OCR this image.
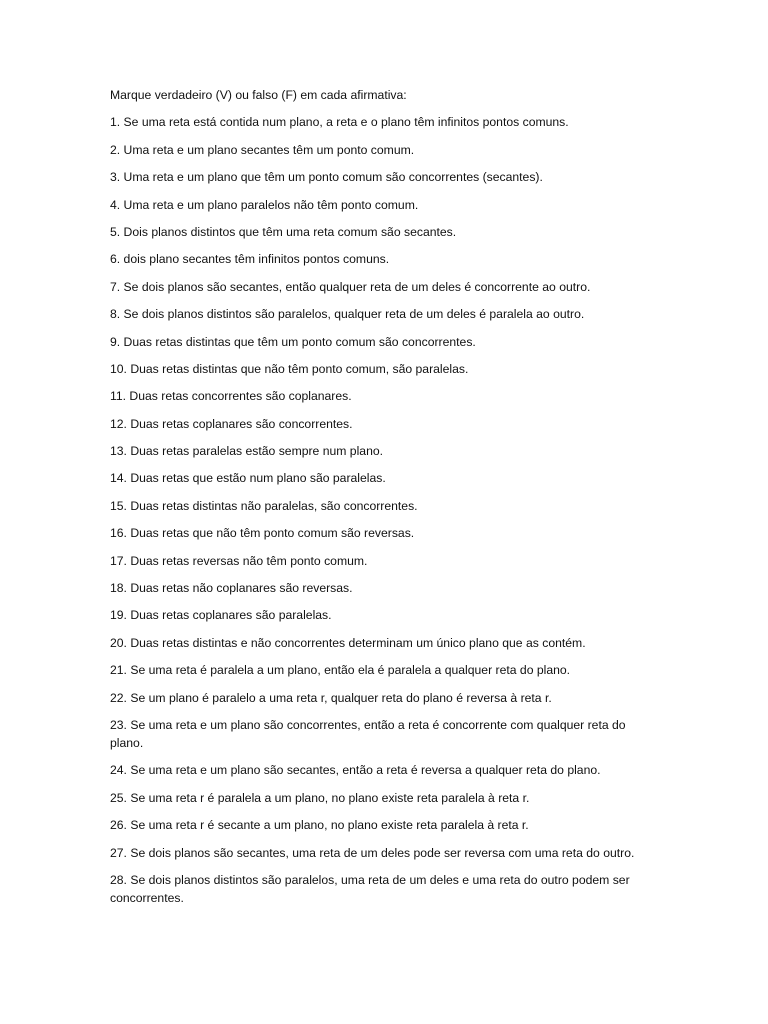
Marque verdadeiro (V) ou falso (F) em cada afirmativa:

1. Se uma reta está contida num plano, a reta e o plano têm infinitos pontos comuns.

2. Uma reta e um plano secantes têm um ponto comum.

3. Uma reta e um plano que têm um ponto comum são concorrentes (secantes).

4. Uma reta e um plano paralelos não têm ponto comum.

5. Dois planos distintos que têm uma reta comum são secantes.

6. dois plano secantes têm infinitos pontos comuns.

7. Se dois planos são secantes, então qualquer reta de um deles é concorrente ao outro.

8. Se dois planos distintos são paralelos, qualquer reta de um deles é paralela ao outro.

9. Duas retas distintas que têm um ponto comum são concorrentes.

10. Duas retas distintas que não têm ponto comum, são paralelas.

11. Duas retas concorrentes são coplanares.

12. Duas retas coplanares são concorrentes.

13. Duas retas paralelas estão sempre num plano.

14. Duas retas que estão num plano são paralelas.

15. Duas retas distintas não paralelas, são concorrentes.

16. Duas retas que não têm ponto comum são reversas.

17. Duas retas reversas não têm ponto comum.

18. Duas retas não coplanares são reversas.

19. Duas retas coplanares são paralelas.

20. Duas retas distintas e não concorrentes determinam um único plano que as contém.

21. Se uma reta é paralela a um plano, então ela é paralela a qualquer reta do plano.

22. Se um plano é paralelo a uma reta r, qualquer reta do plano é reversa à reta r.

23. Se uma reta e um plano são concorrentes, então a reta é concorrente com qualquer reta do plano.

24. Se uma reta e um plano são secantes, então a reta é reversa a qualquer reta do plano.

25. Se uma reta r é paralela a um plano, no plano existe reta paralela à reta r.

26. Se uma reta r é secante a um plano, no plano existe reta paralela à reta r.

27. Se dois planos são secantes, uma reta de um deles pode ser reversa com uma reta do outro.

28. Se dois planos distintos são paralelos, uma reta de um deles e uma reta do outro podem ser concorrentes.
